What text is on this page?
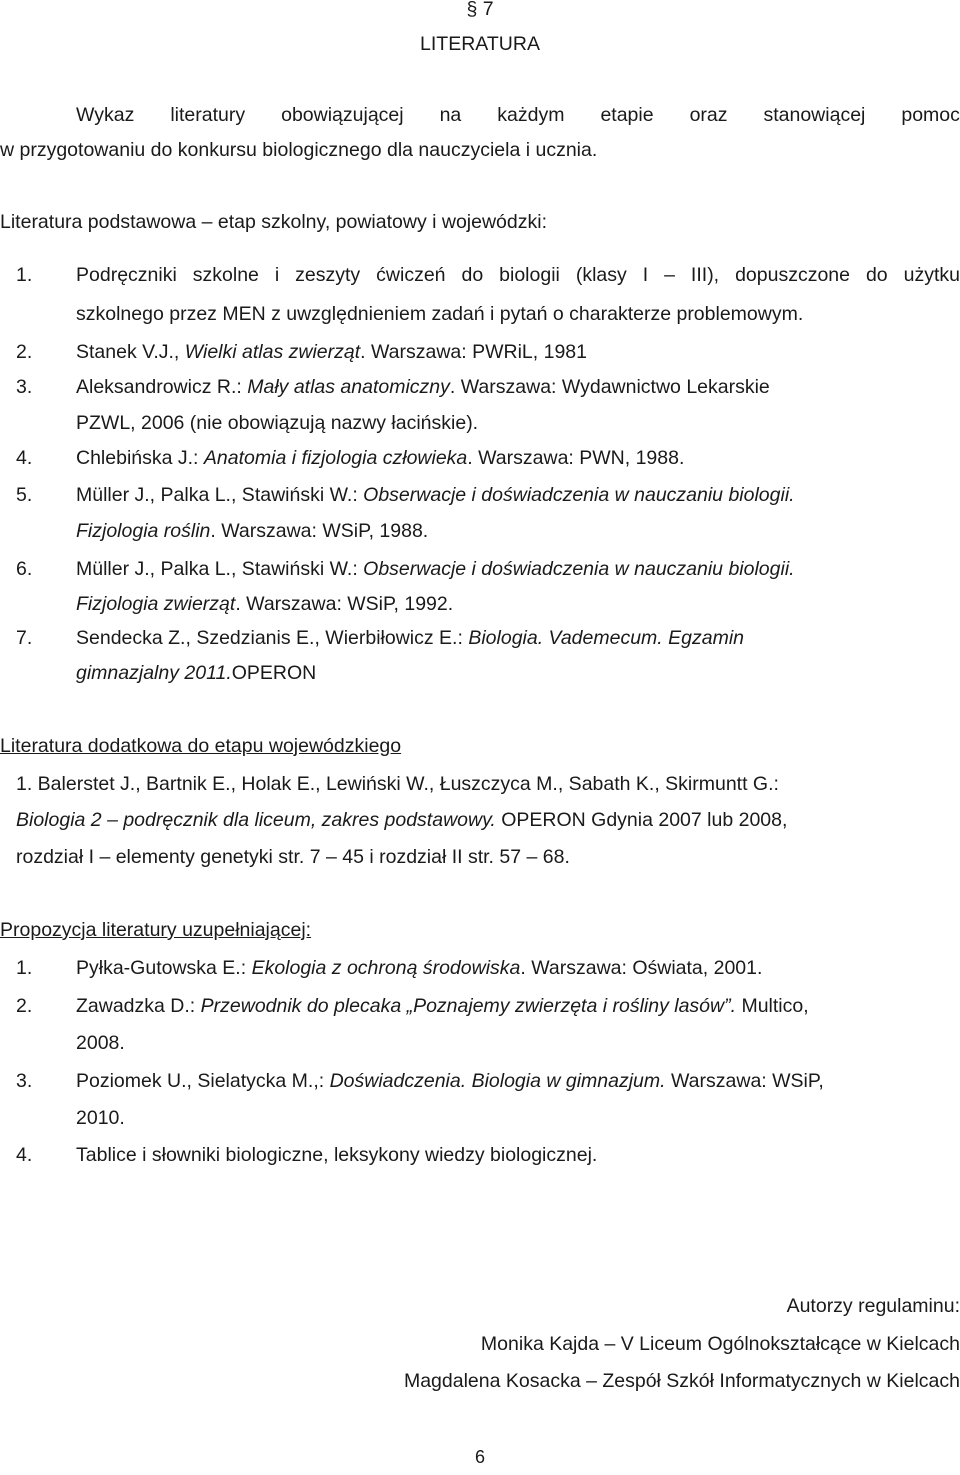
§ 7
LITERATURA
Wykaz literatury obowiązującej na każdym etapie oraz stanowiącej pomoc
w przygotowaniu do konkursu biologicznego dla nauczyciela i ucznia.
Literatura podstawowa – etap szkolny, powiatowy i wojewódzki:
1. Podręczniki szkolne i zeszyty ćwiczeń do biologii (klasy I – III), dopuszczone do użytku
szkolnego przez MEN z uwzględnieniem zadań i pytań o charakterze problemowym.
2. Stanek V.J., Wielki atlas zwierząt. Warszawa: PWRiL, 1981
3. Aleksandrowicz R.: Mały atlas anatomiczny. Warszawa: Wydawnictwo Lekarskie
PZWL, 2006 (nie obowiązują nazwy łacińskie).
4. Chlebińska J.: Anatomia i fizjologia człowieka. Warszawa: PWN, 1988.
5. Müller J., Palka L., Stawiński W.: Obserwacje i doświadczenia w nauczaniu biologii.
Fizjologia roślin. Warszawa: WSiP, 1988.
6. Müller J., Palka L., Stawiński W.: Obserwacje i doświadczenia w nauczaniu biologii.
Fizjologia zwierząt. Warszawa: WSiP, 1992.
7. Sendecka Z., Szedzianis E., Wierbiłowicz E.: Biologia. Vademecum. Egzamin
gimnazjalny 2011.OPERON
Literatura dodatkowa do etapu wojewódzkiego
1. Balerstet J., Bartnik E., Holak E., Lewiński W., Łuszczyca M., Sabath K., Skirmuntt G.:
Biologia 2 – podręcznik dla liceum, zakres podstawowy. OPERON Gdynia 2007 lub 2008,
rozdział I – elementy genetyki str. 7 – 45 i rozdział II str. 57 – 68.
Propozycja literatury uzupełniającej:
1. Pyłka-Gutowska E.: Ekologia z ochroną środowiska. Warszawa: Oświata, 2001.
2. Zawadzka D.: Przewodnik do plecaka „Poznajemy zwierzęta i rośliny lasów”. Multico,
2008.
3. Poziomek U., Sielatycka M.,: Doświadczenia. Biologia w gimnazjum. Warszawa: WSiP,
2010.
4. Tablice i słowniki biologiczne, leksykony wiedzy biologicznej.
Autorzy regulaminu:
Monika Kajda – V Liceum Ogólnokształcące w Kielcach
Magdalena Kosacka – Zespół Szkół Informatycznych w Kielcach
6
